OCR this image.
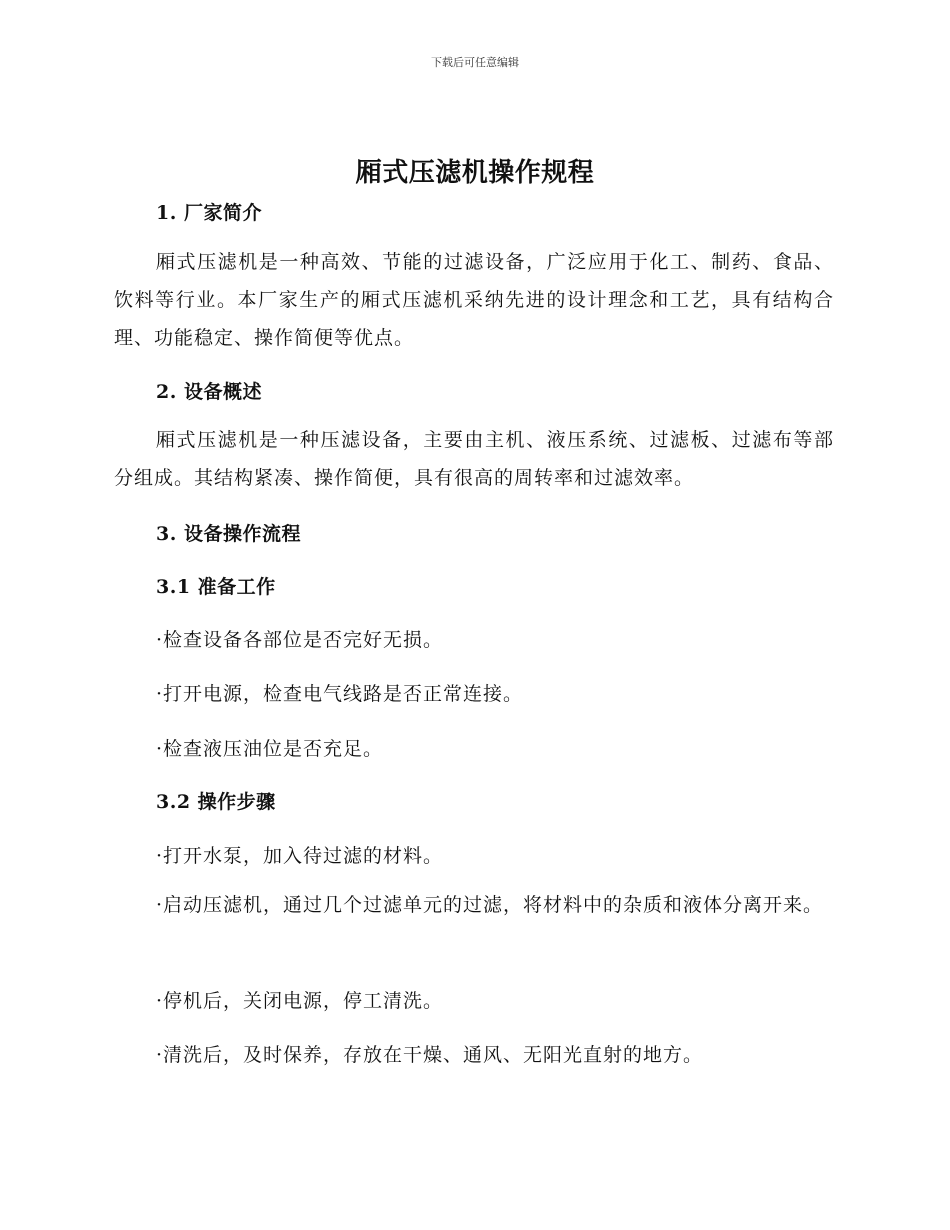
下载后可任意编辑
厢式压滤机操作规程
1. 厂家简介
厢式压滤机是一种高效、节能的过滤设备，广泛应用于化工、制药、食品、饮料等行业。本厂家生产的厢式压滤机采纳先进的设计理念和工艺，具有结构合理、功能稳定、操作简便等优点。
2. 设备概述
厢式压滤机是一种压滤设备，主要由主机、液压系统、过滤板、过滤布等部分组成。其结构紧凑、操作简便，具有很高的周转率和过滤效率。
3. 设备操作流程
3.1 准备工作
·检查设备各部位是否完好无损。
·打开电源，检查电气线路是否正常连接。
·检查液压油位是否充足。
3.2 操作步骤
·打开水泵，加入待过滤的材料。
·启动压滤机，通过几个过滤单元的过滤，将材料中的杂质和液体分离开来。
·停机后，关闭电源，停工清洗。
·清洗后，及时保养，存放在干燥、通风、无阳光直射的地方。
